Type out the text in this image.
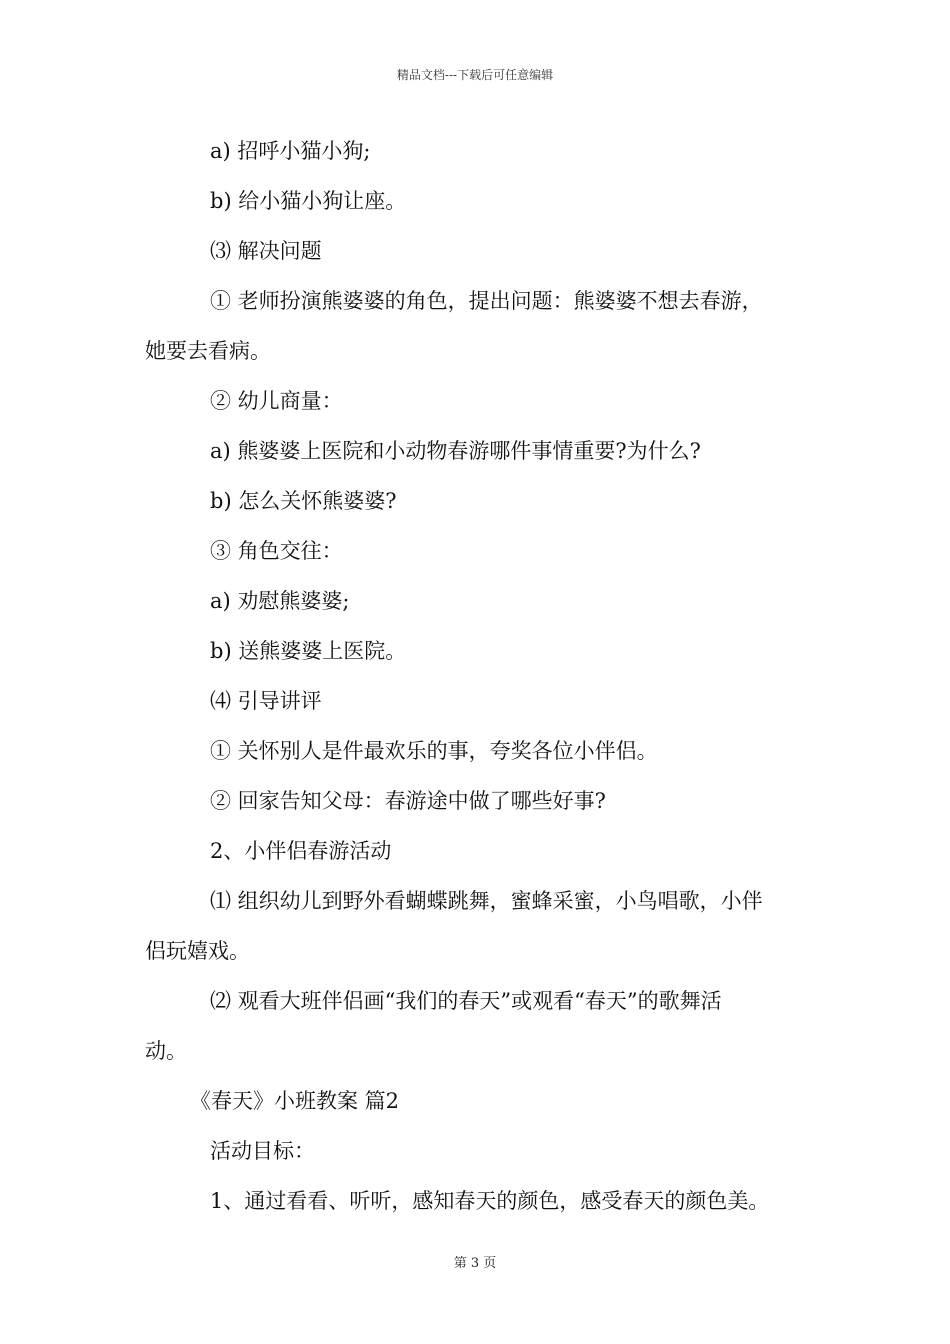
精品文档---下载后可任意编辑
a) 招呼小猫小狗;
b) 给小猫小狗让座。
⑶ 解决问题
① 老师扮演熊婆婆的角色，提出问题：熊婆婆不想去春游，
她要去看病。
② 幼儿商量：
a) 熊婆婆上医院和小动物春游哪件事情重要?为什么?
b) 怎么关怀熊婆婆?
③ 角色交往：
a) 劝慰熊婆婆;
b) 送熊婆婆上医院。
⑷ 引导讲评
① 关怀别人是件最欢乐的事，夸奖各位小伴侣。
② 回家告知父母：春游途中做了哪些好事?
2、小伴侣春游活动
⑴ 组织幼儿到野外看蝴蝶跳舞，蜜蜂采蜜，小鸟唱歌，小伴
侣玩嬉戏。
⑵ 观看大班伴侣画“我们的春天”或观看“春天”的歌舞活
动。
《春天》小班教案 篇2
活动目标：
1、通过看看、听听，感知春天的颜色，感受春天的颜色美。
第 3 页
